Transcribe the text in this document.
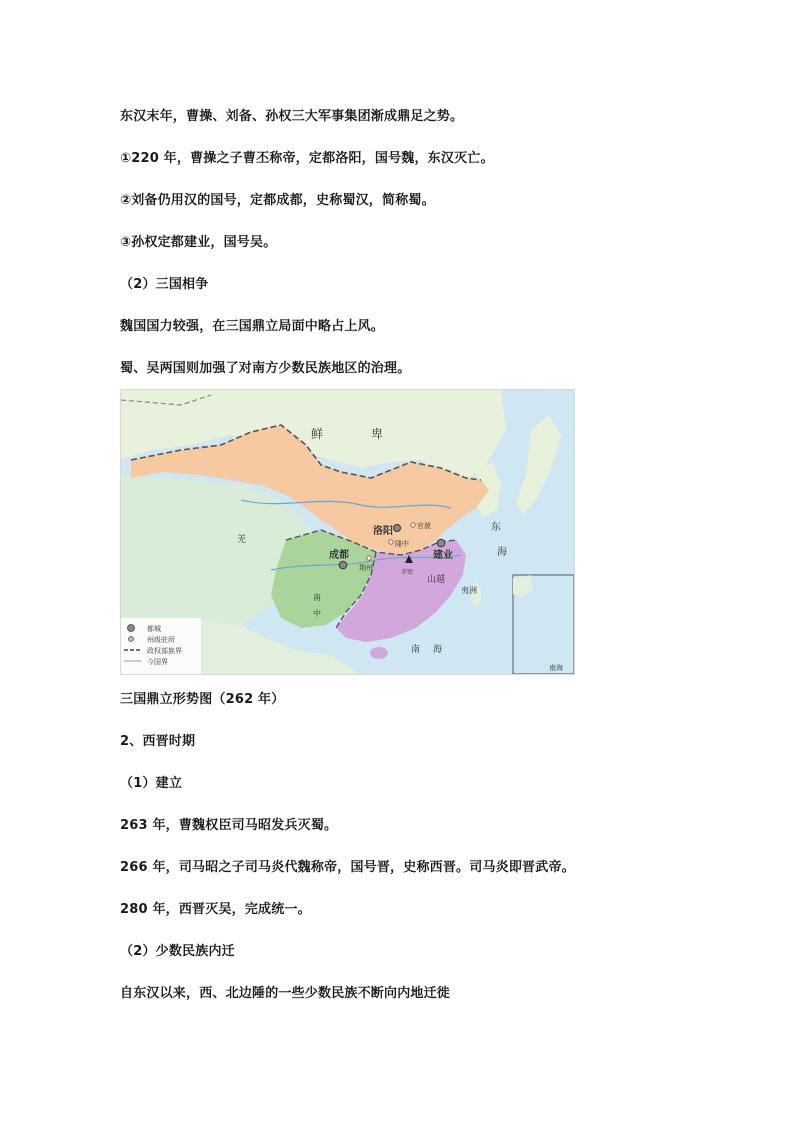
东汉末年，曹操、刘备、孙权三大军事集团渐成鼎足之势。
①220 年，曹操之子曹丕称帝，定都洛阳，国号魏，东汉灭亡。
②刘备仍用汉的国号，定都成都，史称蜀汉，简称蜀。
③孙权定都建业，国号吴。
（2）三国相争
魏国国力较强，在三国鼎立局面中略占上风。
蜀、吴两国则加强了对南方少数民族地区的治理。
都城
州级驻所
政权部族界
今国界
鲜	卑
洛阳	官渡
隆中
建业
成都
荆州
赤壁
山越
南
中
羌
东
海
夷洲
南 海
南海
三国鼎立形势图（262 年）
2、西晋时期
（1）建立
263 年，曹魏权臣司马昭发兵灭蜀。
266 年，司马昭之子司马炎代魏称帝，国号晋，史称西晋。司马炎即晋武帝。
280 年，西晋灭吴，完成统一。
（2）少数民族内迁
自东汉以来，西、北边陲的一些少数民族不断向内地迁徙
